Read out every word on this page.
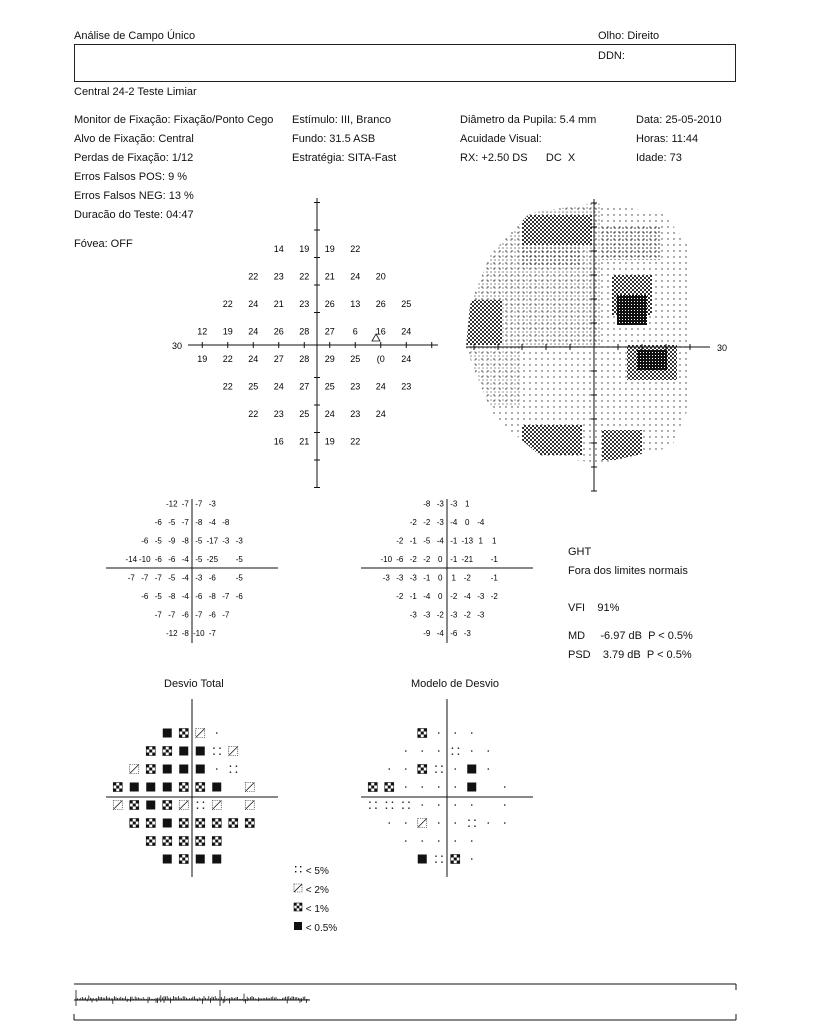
Análise de Campo Único	Olho: Direito
DDN:
Central 24-2 Teste Limiar
Monitor de Fixação: Fixação/Ponto Cego
Alvo de Fixação: Central
Perdas de Fixação: 1/12
Erros Falsos POS: 9 %
Erros Falsos NEG: 13 %
Duracão do Teste: 04:47
Fóvea: OFF
Estímulo: III, Branco
Fundo: 31.5 ASB
Estratégia: SITA-Fast
Diâmetro da Pupila: 5.4 mm
Acuidade Visual:
RX: +2.50 DS      DC  X
Data: 25-05-2010
Horas: 11:44
Idade: 73
30
14 19 19 22
22 23 22 21 24 20
22 24 21 23 26 13 26 25
12 19 24 26 28 27 6 16 24
19 22 24 27 28 29 25 (0 24
22 25 24 27 25 23 24 23
22 23 25 24 23 24
16 21 19 22
30
-12 -7 -7 -3
-6 -5 -7 -8 -4 -8
-6 -5 -9 -8 -5 -17 -3 -3
-14 -10 -6 -6 -4 -5 -25 -5
-7 -7 -7 -5 -4 -3 -6 -5
-6 -5 -8 -4 -6 -8 -7 -6
-7 -7 -6 -7 -6 -7
-12 -8 -10 -7
-8 -3 -3 1
-2 -2 -3 -4 0 -4
-2 -1 -5 -4 -1 -13 1 1
-10 -6 -2 -2 0 -1 -21 -1
-3 -3 -3 -1 0 1 -2 -1
-2 -1 -4 0 -2 -4 -3 -2
-3 -3 -2 -3 -2 -3
-9 -4 -6 -3
GHT
Fora dos limites normais
VFI    91%
MD     -6.97 dB  P < 0.5%
PSD    3.79 dB  P < 0.5%
Desvio Total	Modelo de Desvio
< 5%
< 2%
< 1%
< 0.5%
